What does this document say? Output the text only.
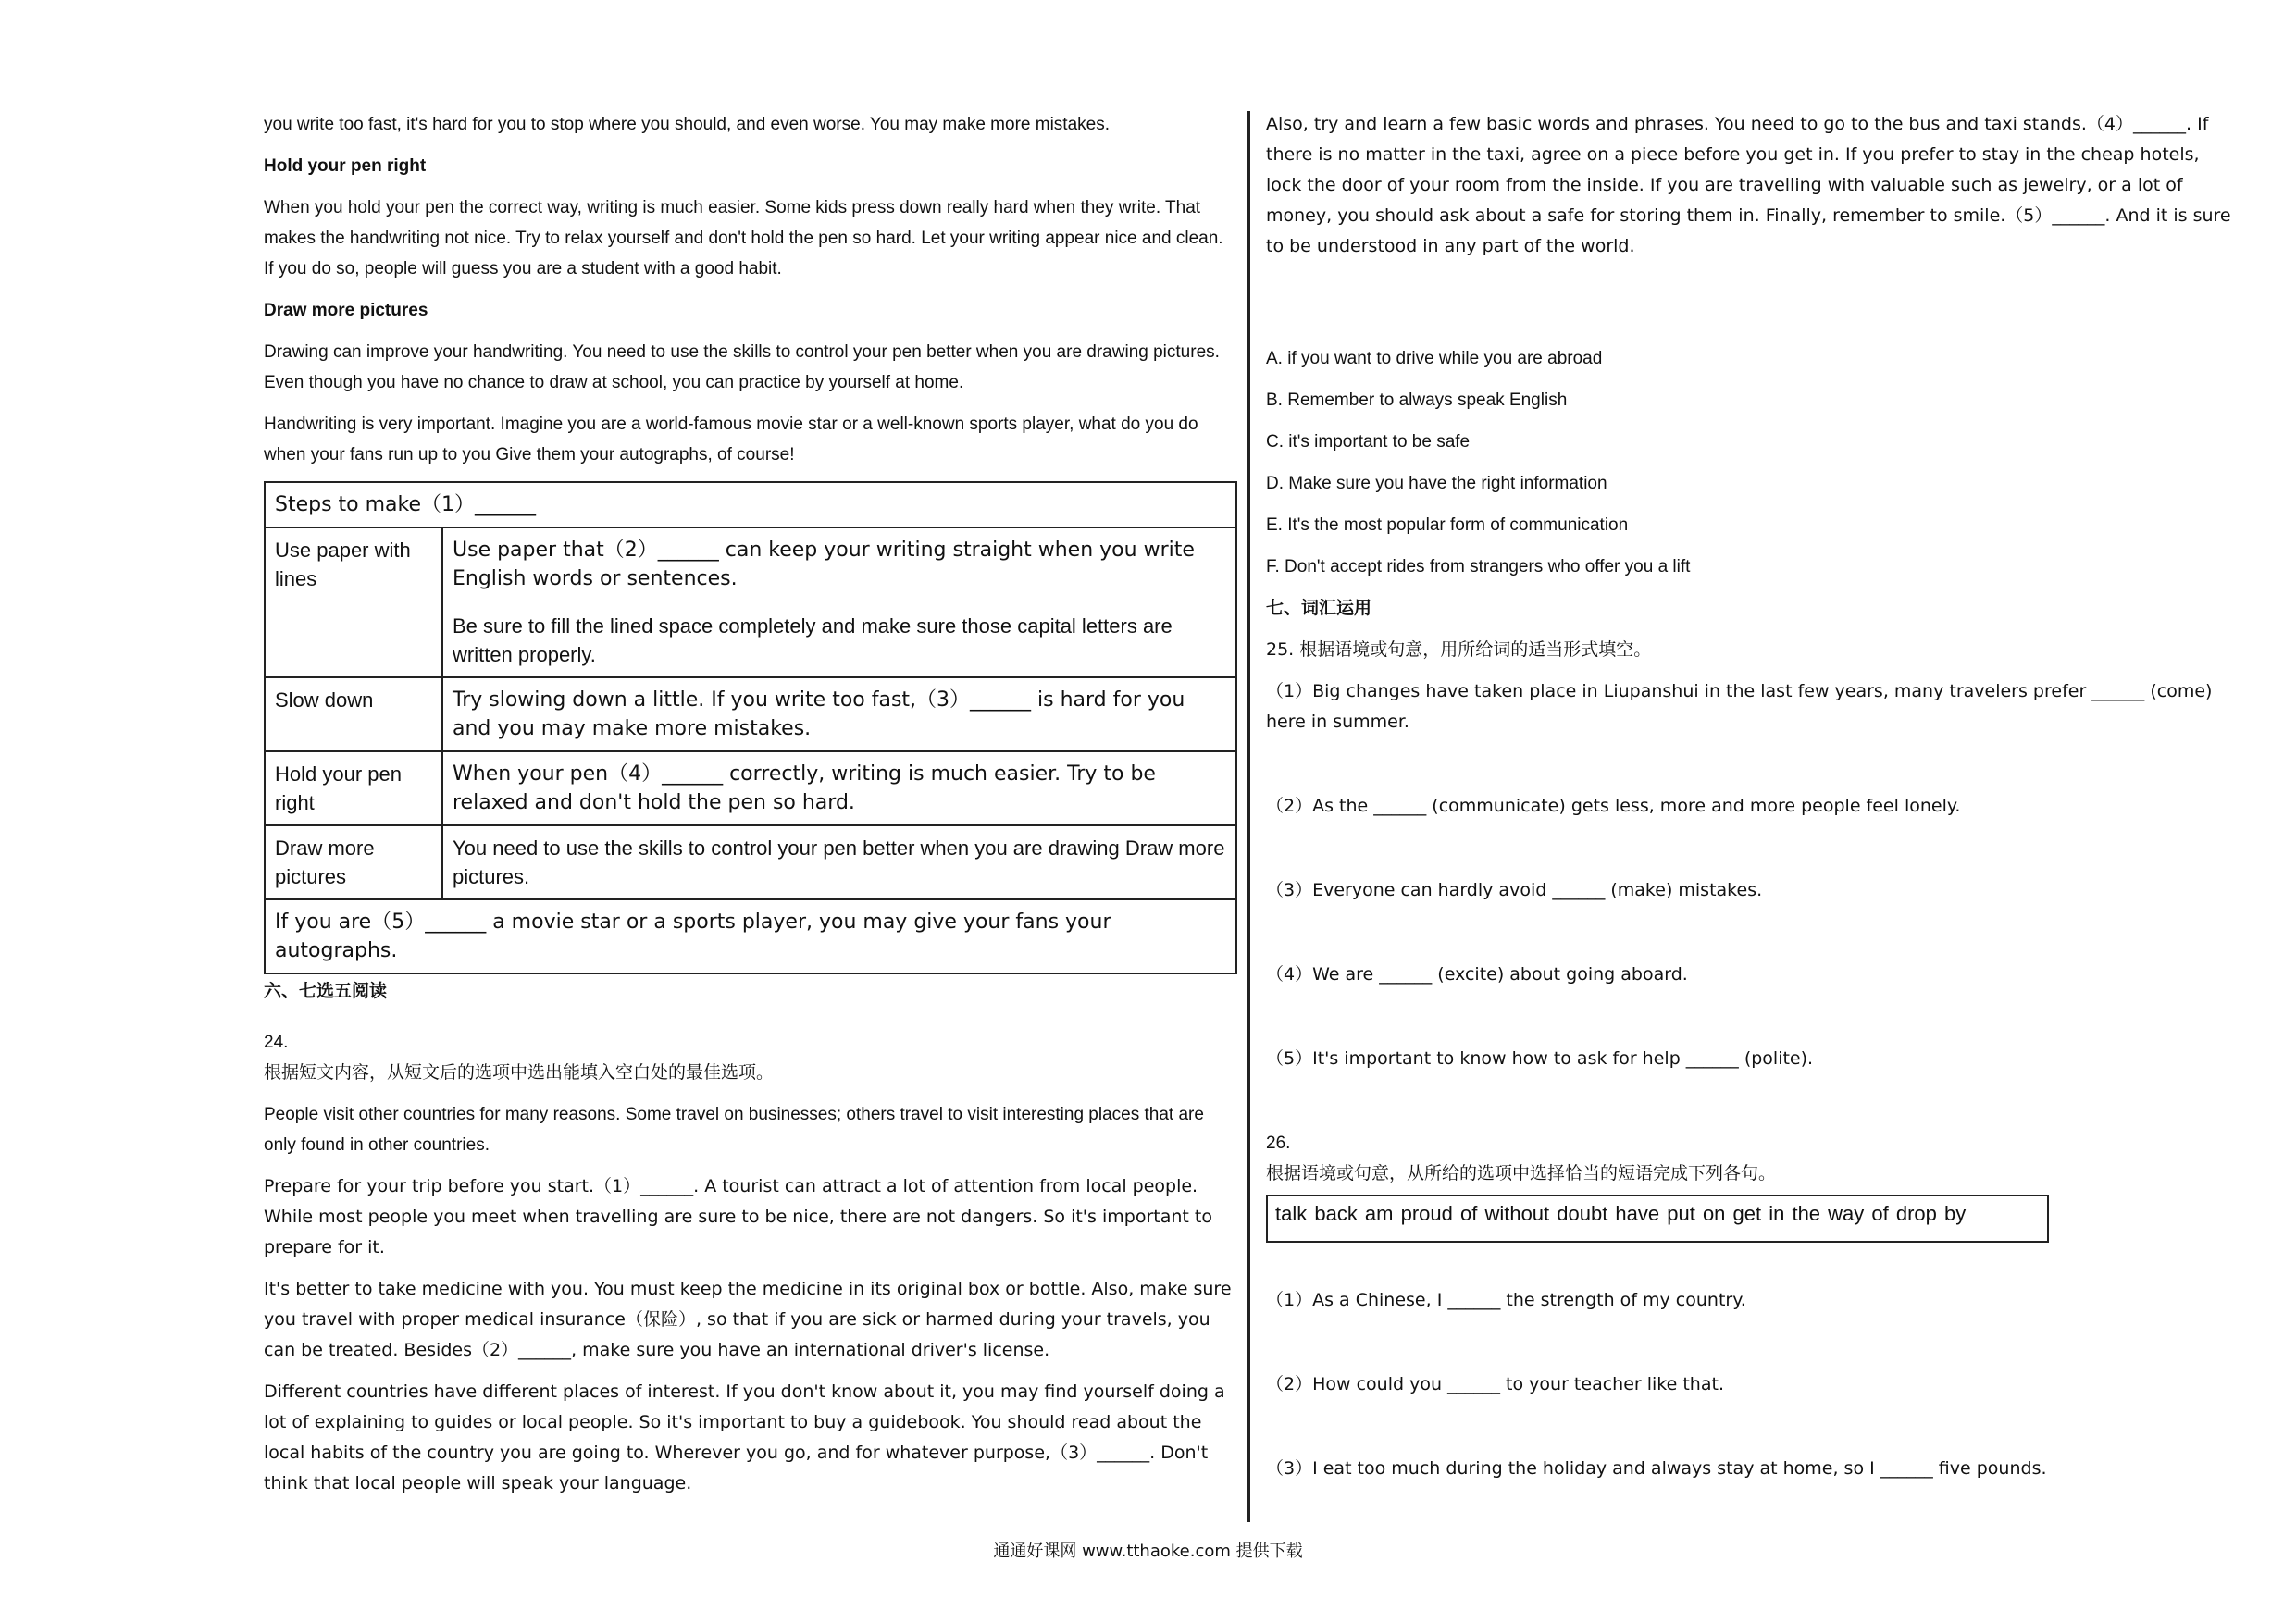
you write too fast, it's hard for you to stop where you should, and even worse. You may make more mistakes.

Hold your pen right

When you hold your pen the correct way, writing is much easier. Some kids press down really hard when they write. That makes the handwriting not nice. Try to relax yourself and don't hold the pen so hard. Let your writing appear nice and clean. If you do so, people will guess you are a student with a good habit.

Draw more pictures

Drawing can improve your handwriting. You need to use the skills to control your pen better when you are drawing pictures. Even though you have no chance to draw at school, you can practice by yourself at home.

Handwriting is very important. Imagine you are a world-famous movie star or a well-known sports player, what do you do when your fans run up to you Give them your autographs, of course!

Steps to make（1）______	
Use paper with lines	Use paper that（2）______ can keep your writing straight when you write English words or sentences.

Be sure to fill the lined space completely and make sure those capital letters are written properly.

Slow down	Try slowing down a little. If you write too fast,（3）______ is hard for you and you may make more mistakes.
Hold your pen right	When your pen（4）______ correctly, writing is much easier. Try to be relaxed and don't hold the pen so hard.
Draw more pictures	You need to use the skills to control your pen better when you are drawing Draw more pictures.
If you are（5）______ a movie star or a sports player, you may give your fans your autographs.	

六、七选五阅读

24.

根据短文内容，从短文后的选项中选出能填入空白处的最佳选项。

People visit other countries for many reasons. Some travel on businesses; others travel to visit interesting places that are only found in other countries.

Prepare for your trip before you start.（1）______. A tourist can attract a lot of attention from local people. While most people you meet when travelling are sure to be nice, there are not dangers. So it's important to prepare for it.

It's better to take medicine with you. You must keep the medicine in its original box or bottle. Also, make sure you travel with proper medical insurance（保险）, so that if you are sick or harmed during your travels, you can be treated. Besides（2）______, make sure you have an international driver's license.

Different countries have different places of interest. If you don't know about it, you may find yourself doing a lot of explaining to guides or local people. So it's important to buy a guidebook. You should read about the local habits of the country you are going to. Wherever you go, and for whatever purpose,（3）______. Don't think that local people will speak your language.

Also, try and learn a few basic words and phrases. You need to go to the bus and taxi stands.（4）______. If there is no matter in the taxi, agree on a piece before you get in. If you prefer to stay in the cheap hotels, lock the door of your room from the inside. If you are travelling with valuable such as jewelry, or a lot of money, you should ask about a safe for storing them in. Finally, remember to smile.（5）______. And it is sure to be understood in any part of the world.

A. if you want to drive while you are abroad

B. Remember to always speak English

C. it's important to be safe

D. Make sure you have the right information

E. It's the most popular form of communication

F. Don't accept rides from strangers who offer you a lift

七、词汇运用

25. 根据语境或句意，用所给词的适当形式填空。

（1）Big changes have taken place in Liupanshui in the last few years, many travelers prefer ______ (come) here in summer.

（2）As the ______ (communicate) gets less, more and more people feel lonely.

（3）Everyone can hardly avoid ______ (make) mistakes.

（4）We are ______ (excite) about going aboard.

（5）It's important to know how to ask for help ______ (polite).

26.

根据语境或句意，从所给的选项中选择恰当的短语完成下列各句。

talk back am proud of without doubt have put on get in the way of drop by

（1）As a Chinese, I ______ the strength of my country.

（2）How could you ______ to your teacher like that.

（3）I eat too much during the holiday and always stay at home, so I ______ five pounds.

通通好课网 www.tthaoke.com 提供下载
